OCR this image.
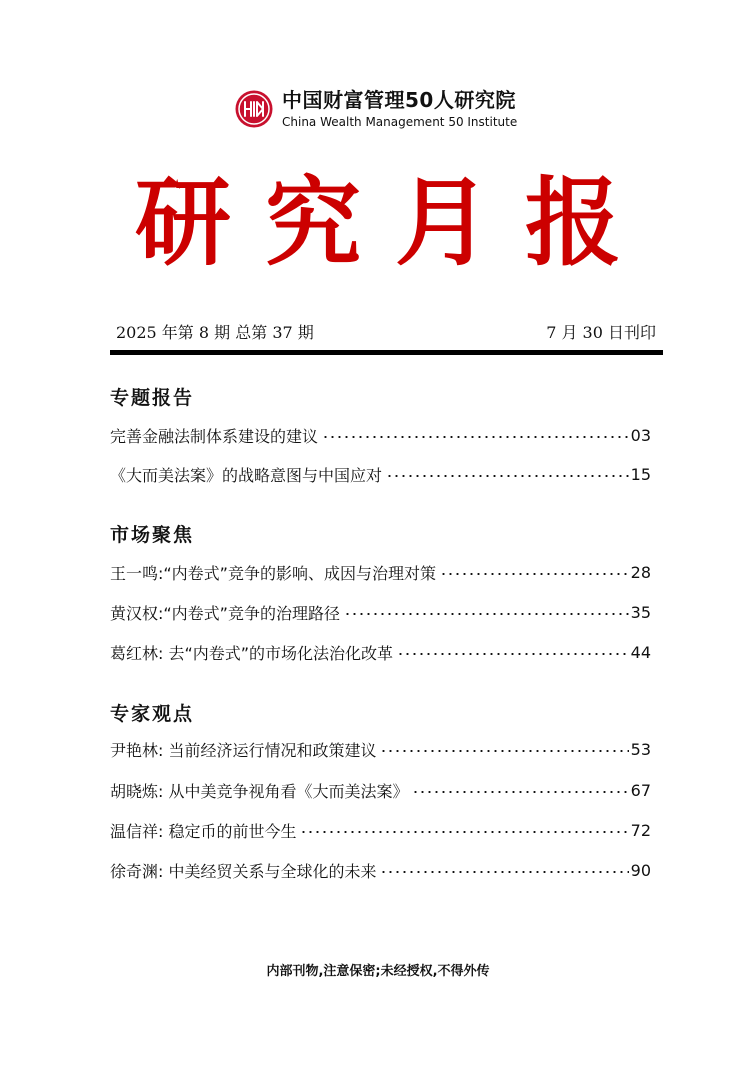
中国财富管理50人研究院
China Wealth Management 50 Institute
研究月报
2025 年第 8 期 总第 37 期	7 月 30 日刊印
专题报告
完善金融法制体系建设的建议	03
《大而美法案》的战略意图与中国应对	15
市场聚焦
王一鸣:“内卷式”竞争的影响、成因与治理对策	28
黄汉权:“内卷式”竞争的治理路径	35
葛红林: 去“内卷式”的市场化法治化改革	44
专家观点
尹艳林: 当前经济运行情况和政策建议	53
胡晓炼: 从中美竞争视角看《大而美法案》	67
温信祥: 稳定币的前世今生	72
徐奇渊: 中美经贸关系与全球化的未来	90
内部刊物,注意保密;未经授权,不得外传
